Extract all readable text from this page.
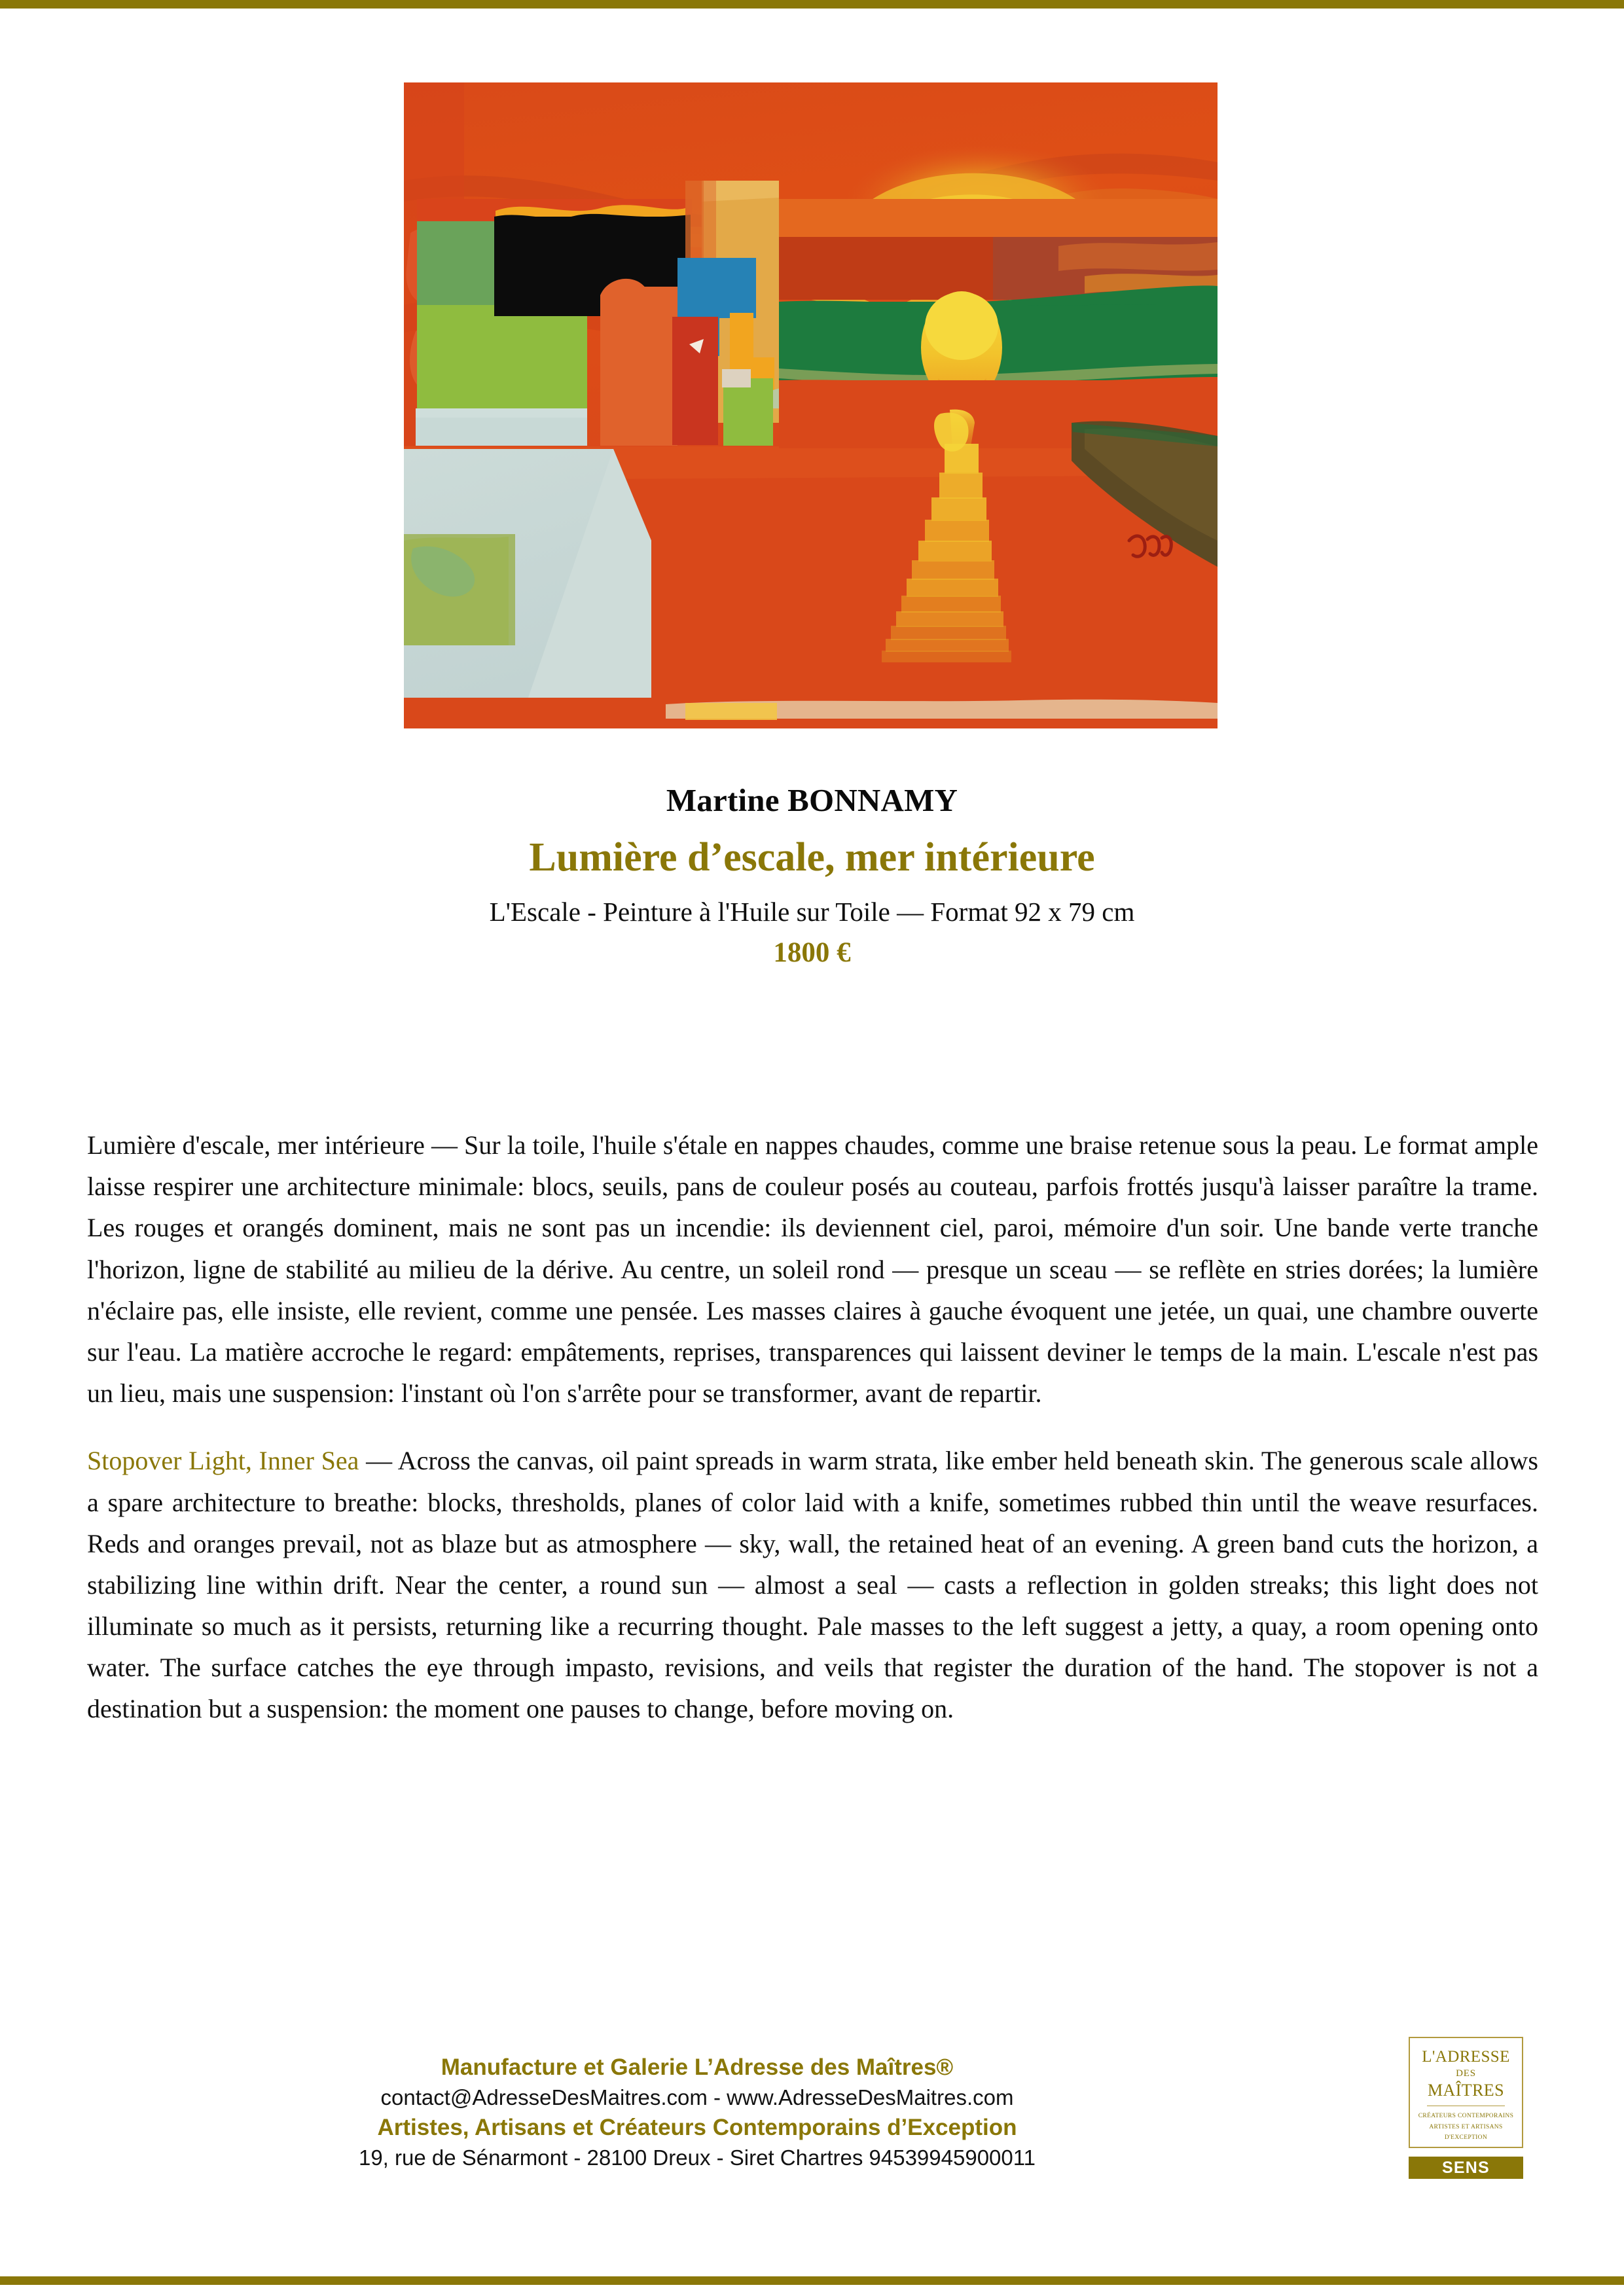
Martine BONNAMY
Lumière d’escale, mer intérieure
L'Escale - Peinture à l'Huile sur Toile — Format 92 x 79 cm
1800 €

Lumière d'escale, mer intérieure — Sur la toile, l'huile s'étale en nappes chaudes, comme une braise retenue sous la peau. Le format ample laisse respirer une architecture minimale: blocs, seuils, pans de couleur posés au couteau, parfois frottés jusqu'à laisser paraître la trame. Les rouges et orangés dominent, mais ne sont pas un incendie: ils deviennent ciel, paroi, mémoire d'un soir. Une bande verte tranche l'horizon, ligne de stabilité au milieu de la dérive. Au centre, un soleil rond — presque un sceau — se reflète en stries dorées; la lumière n'éclaire pas, elle insiste, elle revient, comme une pensée. Les masses claires à gauche évoquent une jetée, un quai, une chambre ouverte sur l'eau. La matière accroche le regard: empâtements, reprises, transparences qui laissent deviner le temps de la main. L'escale n'est pas un lieu, mais une suspension: l'instant où l'on s'arrête pour se transformer, avant de repartir.

Stopover Light, Inner Sea — Across the canvas, oil paint spreads in warm strata, like ember held beneath skin. The generous scale allows a spare architecture to breathe: blocks, thresholds, planes of color laid with a knife, sometimes rubbed thin until the weave resurfaces. Reds and oranges prevail, not as blaze but as atmosphere — sky, wall, the retained heat of an evening. A green band cuts the horizon, a stabilizing line within drift. Near the center, a round sun — almost a seal — casts a reflection in golden streaks; this light does not illuminate so much as it persists, returning like a recurring thought. Pale masses to the left suggest a jetty, a quay, a room opening onto water. The surface catches the eye through impasto, revisions, and veils that register the duration of the hand. The stopover is not a destination but a suspension: the moment one pauses to change, before moving on.

Manufacture et Galerie L’Adresse des Maîtres®
contact@AdresseDesMaitres.com - www.AdresseDesMaitres.com
Artistes, Artisans et Créateurs Contemporains d’Exception
19, rue de Sénarmont - 28100 Dreux - Siret Chartres 94539945900011
L'ADRESSE
DES
MAÎTRES
CRÉATEURS CONTEMPORAINS
ARTISTES ET ARTISANS
D'EXCEPTION
SENS
